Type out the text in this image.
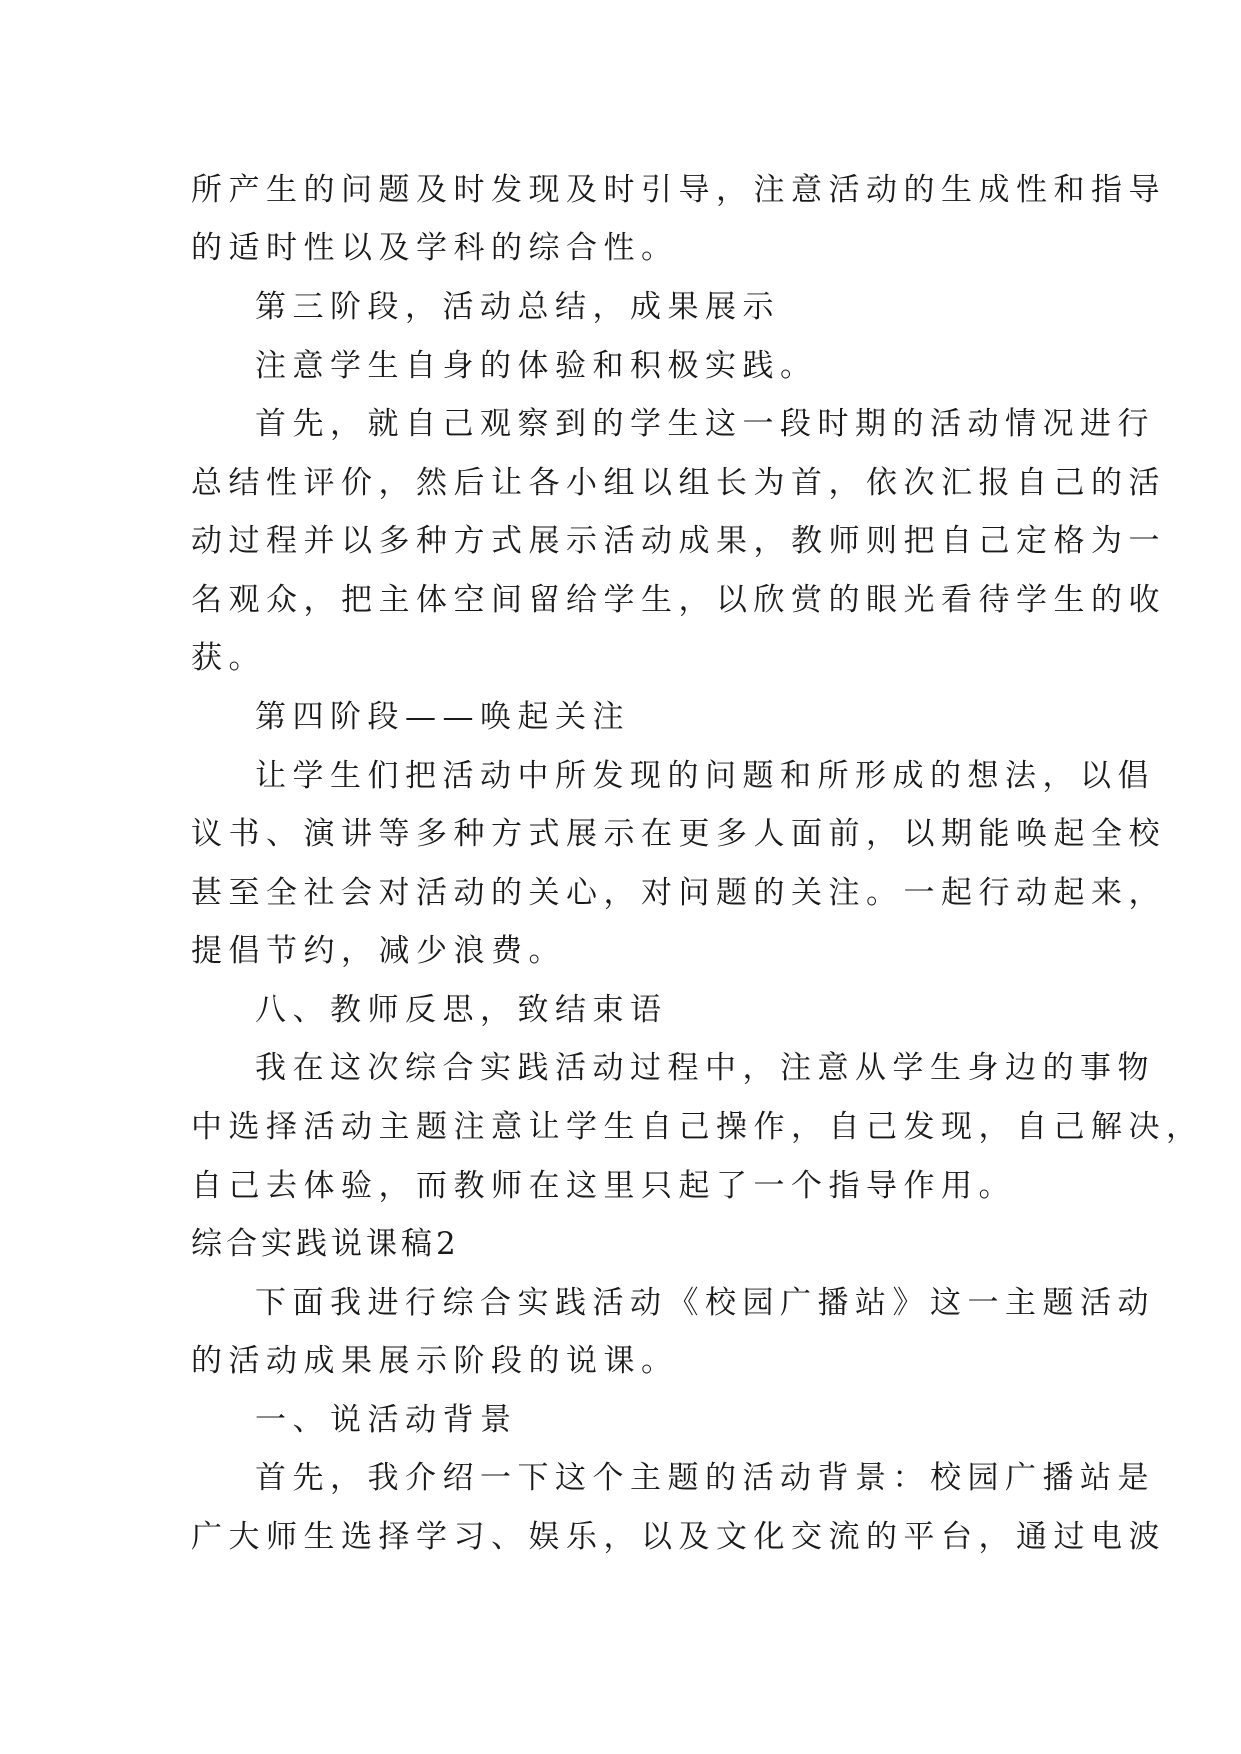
所产生的问题及时发现及时引导，注意活动的生成性和指导
的适时性以及学科的综合性。
第三阶段，活动总结，成果展示
注意学生自身的体验和积极实践。
首先，就自己观察到的学生这一段时期的活动情况进行
总结性评价，然后让各小组以组长为首，依次汇报自己的活
动过程并以多种方式展示活动成果，教师则把自己定格为一
名观众，把主体空间留给学生，以欣赏的眼光看待学生的收
获。
第四阶段——唤起关注
让学生们把活动中所发现的问题和所形成的想法，以倡
议书、演讲等多种方式展示在更多人面前，以期能唤起全校
甚至全社会对活动的关心，对问题的关注。一起行动起来，
提倡节约，减少浪费。
八、教师反思，致结束语
我在这次综合实践活动过程中，注意从学生身边的事物
中选择活动主题注意让学生自己操作，自己发现，自己解决，
自己去体验，而教师在这里只起了一个指导作用。
综合实践说课稿2
下面我进行综合实践活动《校园广播站》这一主题活动
的活动成果展示阶段的说课。
一、说活动背景
首先，我介绍一下这个主题的活动背景：校园广播站是
广大师生选择学习、娱乐，以及文化交流的平台，通过电波
